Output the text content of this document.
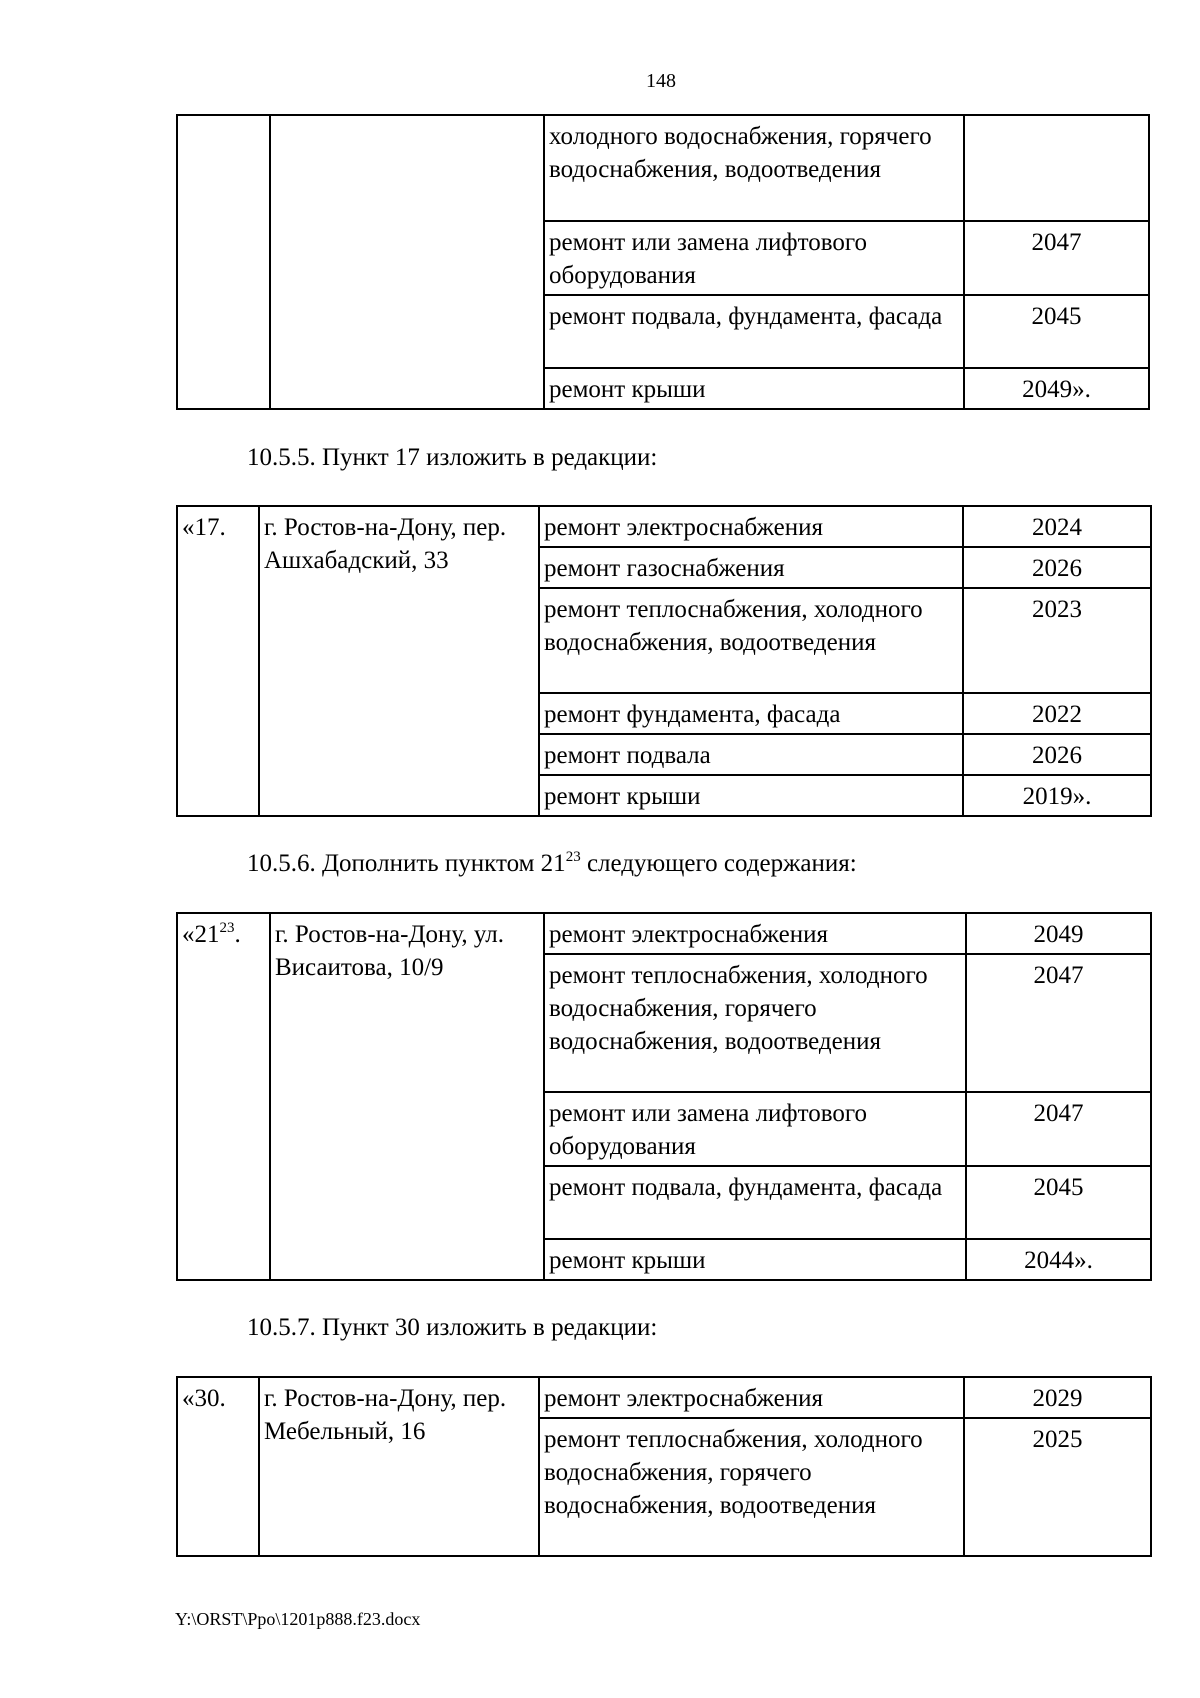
148
		холодного водоснабжения, горячего водоснабжения, водоотведения	
		ремонт или замена лифтового оборудования	2047
		ремонт подвала, фундамента, фасада	2045
		ремонт крыши	2049».
10.5.5. Пункт 17 изложить в редакции:
«17.	г. Ростов-на-Дону, пер. Ашхабадский, 33	ремонт электроснабжения	2024
		ремонт газоснабжения	2026
		ремонт теплоснабжения, холодного водоснабжения, водоотведения	2023
		ремонт фундамента, фасада	2022
		ремонт подвала	2026
		ремонт крыши	2019».
10.5.6. Дополнить пунктом $21^{23}$ следующего содержания:
«$21^{23}$.	г. Ростов-на-Дону, ул. Висаитова, 10/9	ремонт электроснабжения	2049
		ремонт теплоснабжения, холодного водоснабжения, горячего водоснабжения, водоотведения	2047
		ремонт или замена лифтового оборудования	2047
		ремонт подвала, фундамента, фасада	2045
		ремонт крыши	2044».
10.5.7. Пункт 30 изложить в редакции:
«30.	г. Ростов-на-Дону, пер. Мебельный, 16	ремонт электроснабжения	2029
		ремонт теплоснабжения, холодного водоснабжения, горячего водоснабжения, водоотведения	2025
Y:\ORST\Ppo\1201p888.f23.docx
